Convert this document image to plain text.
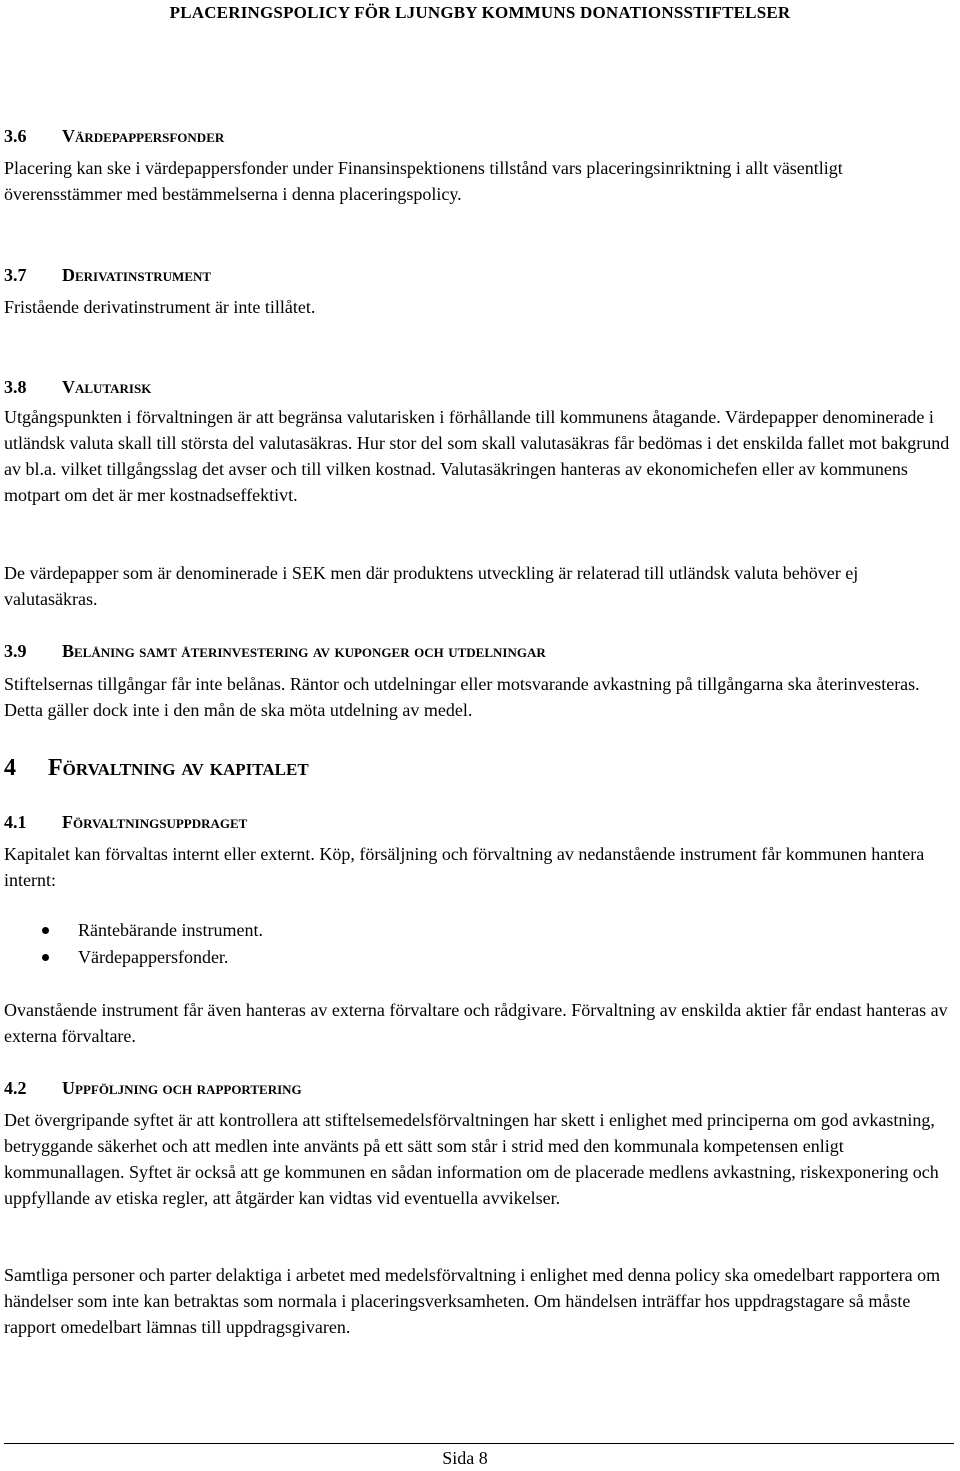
PLACERINGSPOLICY FÖR LJUNGBY KOMMUNS DONATIONSSTIFTELSER
3.6 Värdepappersfonder

Placering kan ske i värdepappersfonder under Finansinspektionens tillstånd vars placeringsinriktning i allt väsentligt överensstämmer med bestämmelserna i denna placeringspolicy.

3.7 Derivatinstrument

Fristående derivatinstrument är inte tillåtet.

3.8 Valutarisk

Utgångspunkten i förvaltningen är att begränsa valutarisken i förhållande till kommunens åtagande. Värdepapper denominerade i utländsk valuta skall till största del valutasäkras. Hur stor del som skall valutasäkras får bedömas i det enskilda fallet mot bakgrund av bl.a. vilket tillgångsslag det avser och till vilken kostnad. Valutasäkringen hanteras av ekonomichefen eller av kommunens motpart om det är mer kostnadseffektivt.

De värdepapper som är denominerade i SEK men där produktens utveckling är relaterad till utländsk valuta behöver ej valutasäkras.

3.9 Belåning samt återinvestering av kuponger och utdelningar

Stiftelsernas tillgångar får inte belånas. Räntor och utdelningar eller motsvarande avkastning på tillgångarna ska återinvesteras. Detta gäller dock inte i den mån de ska möta utdelning av medel.

4 Förvaltning av kapitalet
4.1 Förvaltningsuppdraget

Kapitalet kan förvaltas internt eller externt. Köp, försäljning och förvaltning av nedanstående instrument får kommunen hantera internt:

Räntebärande instrument.
Värdepappersfonder.

Ovanstående instrument får även hanteras av externa förvaltare och rådgivare. Förvaltning av enskilda aktier får endast hanteras av externa förvaltare.

4.2 Uppföljning och rapportering

Det övergripande syftet är att kontrollera att stiftelsemedelsförvaltningen har skett i enlighet med principerna om god avkastning, betryggande säkerhet och att medlen inte använts på ett sätt som står i strid med den kommunala kompetensen enligt kommunallagen. Syftet är också att ge kommunen en sådan information om de placerade medlens avkastning, riskexponering och uppfyllande av etiska regler, att åtgärder kan vidtas vid eventuella avvikelser.

Samtliga personer och parter delaktiga i arbetet med medelsförvaltning i enlighet med denna policy ska omedelbart rapportera om händelser som inte kan betraktas som normala i placeringsverksamheten. Om händelsen inträffar hos uppdragstagare så måste rapport omedelbart lämnas till uppdragsgivaren.

Sida 8
